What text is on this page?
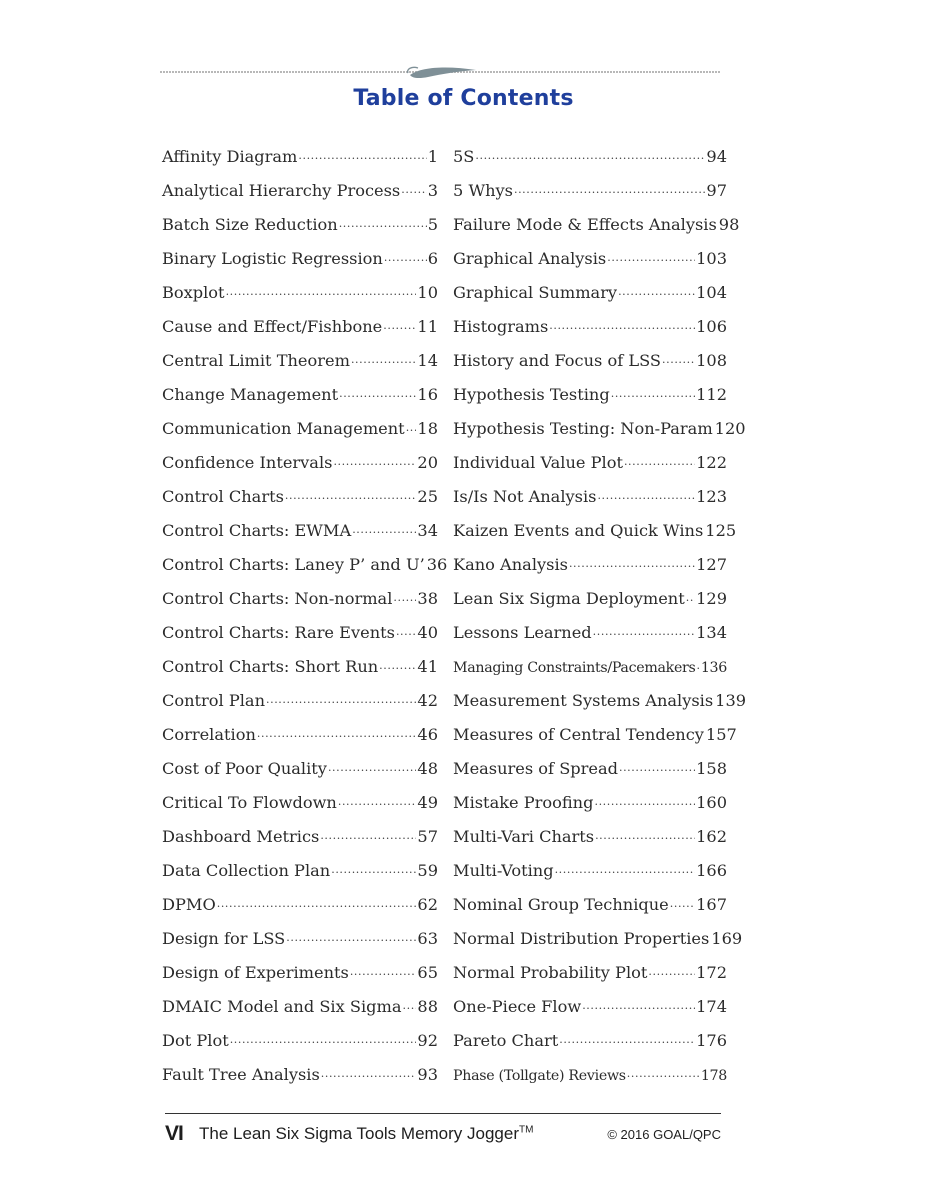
Table of Contents
Affinity Diagram .....	1
Analytical Hierarchy Process ..... 3
Batch Size Reduction .....	5
Binary Logistic Regression .....	6
Boxplot .....	10
Cause and Effect/Fishbone ..... 11
Central Limit Theorem .....	14
Change Management .....	16
Communication Management ..... 18
Confidence Intervals .....	20
Control Charts .....	25
Control Charts: EWMA .....	34
Control Charts: Laney P’ and U’ 36
Control Charts: Non-normal ..... 38
Control Charts: Rare Events ..... 40
Control Charts: Short Run ..... 41
Control Plan .....	42
Correlation .....	46
Cost of Poor Quality .....	48
Critical To Flowdown .....	49
Dashboard Metrics .....	57
Data Collection Plan .....	59
DPMO .....	62
Design for LSS .....	63
Design of Experiments .....	65
DMAIC Model and Six Sigma ..... 88
Dot Plot .....	92
Fault Tree Analysis .....	93
5S .....	94
5 Whys .....	97
Failure Mode & Effects Analysis 98
Graphical Analysis .....	103
Graphical Summary .....	104
Histograms .....	106
History and Focus of LSS ..... 108
Hypothesis Testing .....	112
Hypothesis Testing: Non-Param 120
Individual Value Plot .....	122
Is/Is Not Analysis .....	123
Kaizen Events and Quick Wins 125
Kano Analysis .....	127
Lean Six Sigma Deployment ..... 129
Lessons Learned .....	134
Managing Constraints/Pacemakers ..... 136
Measurement Systems Analysis 139
Measures of Central Tendency 157
Measures of Spread .....	158
Mistake Proofing .....	160
Multi-Vari Charts .....	162
Multi-Voting .....	166
Nominal Group Technique ..... 167
Normal Distribution Properties 169
Normal Probability Plot .....	172
One-Piece Flow .....	174
Pareto Chart .....	176
Phase (Tollgate) Reviews .....	178
VI The Lean Six Sigma Tools Memory Jogger™	© 2016 GOAL/QPC
